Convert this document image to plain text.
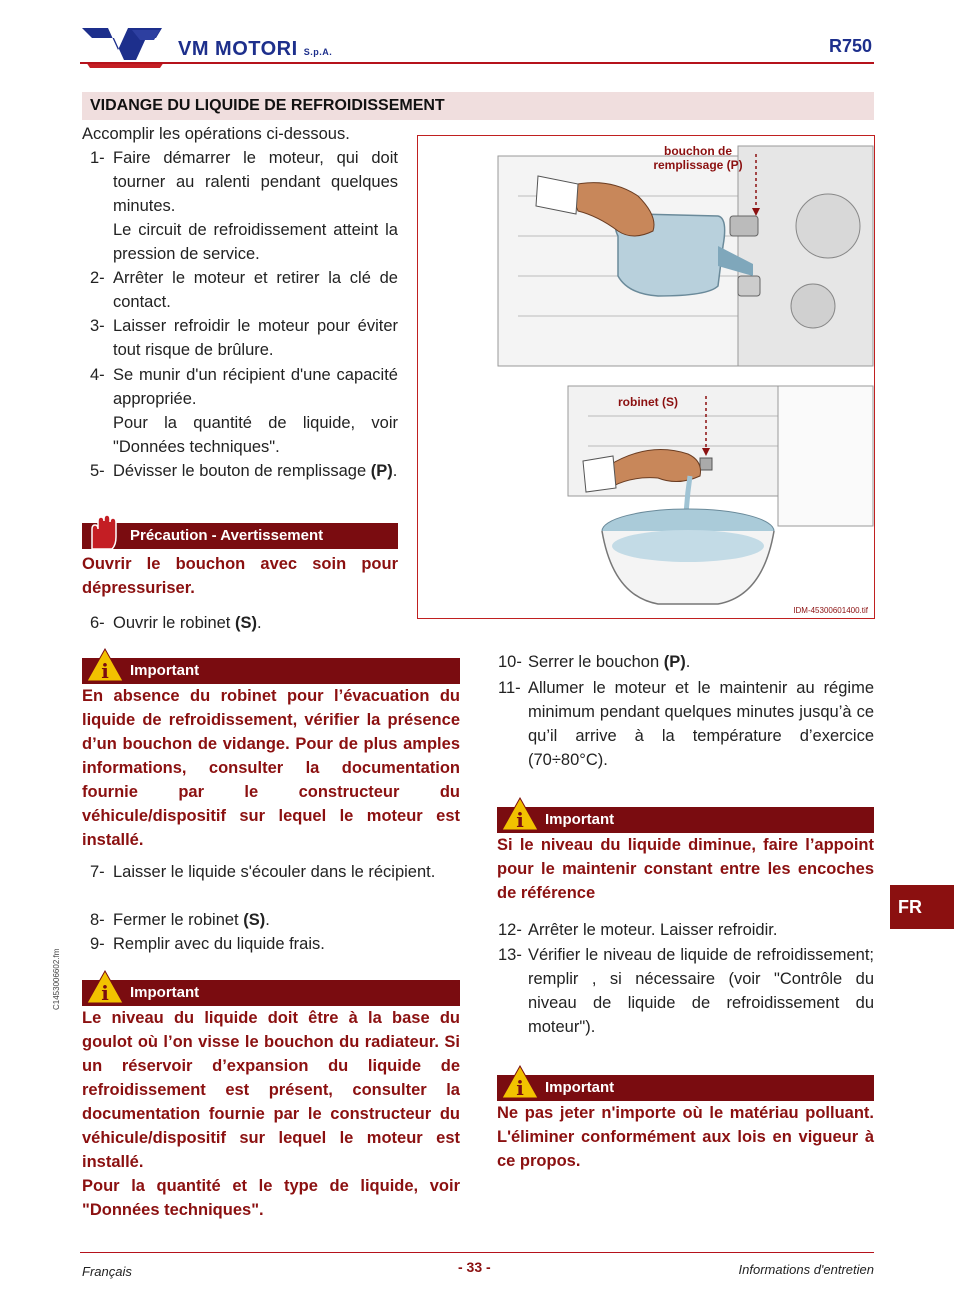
VM MOTORI S.p.A.	R750
VIDANGE DU LIQUIDE DE REFROIDISSEMENT
Accomplir les opérations ci-dessous.
1- Faire démarrer le moteur, qui doit tourner au ralenti pendant quelques minutes.
Le circuit de refroidissement atteint la pression de service.
2- Arrêter le moteur et retirer la clé de contact.
3- Laisser refroidir le moteur pour éviter tout risque de brûlure.
4- Se munir d'un récipient d'une capacité appropriée.
Pour la quantité de liquide, voir "Données techniques".
5- Dévisser le bouton de remplissage (P).
Précaution - Avertissement
Ouvrir le bouchon avec soin pour dépressuriser.
6- Ouvrir le robinet (S).
i Important
En absence du robinet pour l’évacuation du liquide de refroidissement, vérifier la présence d’un bouchon de vidange. Pour de plus amples informations, consulter la documentation fournie par le constructeur du véhicule/dispositif sur lequel le moteur est installé.
7- Laisser le liquide s'écouler dans le récipient.
8- Fermer le robinet (S).
9- Remplir avec du liquide frais.
i Important
Le niveau du liquide doit être à la base du goulot où l’on visse le bouchon du radiateur. Si un réservoir d’expansion du liquide de refroidissement est présent, consulter la documentation fournie par le constructeur du véhicule/dispositif sur lequel le moteur est installé.
Pour la quantité et le type de liquide, voir "Données techniques".
bouchon de
remplissage (P)
robinet (S)
IDM-45300601400.tif
10- Serrer le bouchon (P).
11- Allumer le moteur et le maintenir au régime minimum pendant quelques minutes jusqu’à ce qu’il arrive à la température d’exercice (70÷80°C).
i Important
Si le niveau du liquide diminue, faire l’appoint pour le maintenir constant entre les encoches de référence
12- Arrêter le moteur. Laisser refroidir.
13- Vérifier le niveau de liquide de refroidissement; remplir , si nécessaire (voir "Contrôle du niveau de liquide de refroidissement du moteur").
i Important
Ne pas jeter n'importe où le matériau polluant. L'éliminer conformément aux lois en vigueur à ce propos.
FR
C1453006602.fm
Français	- 33 -	Informations d'entretien
